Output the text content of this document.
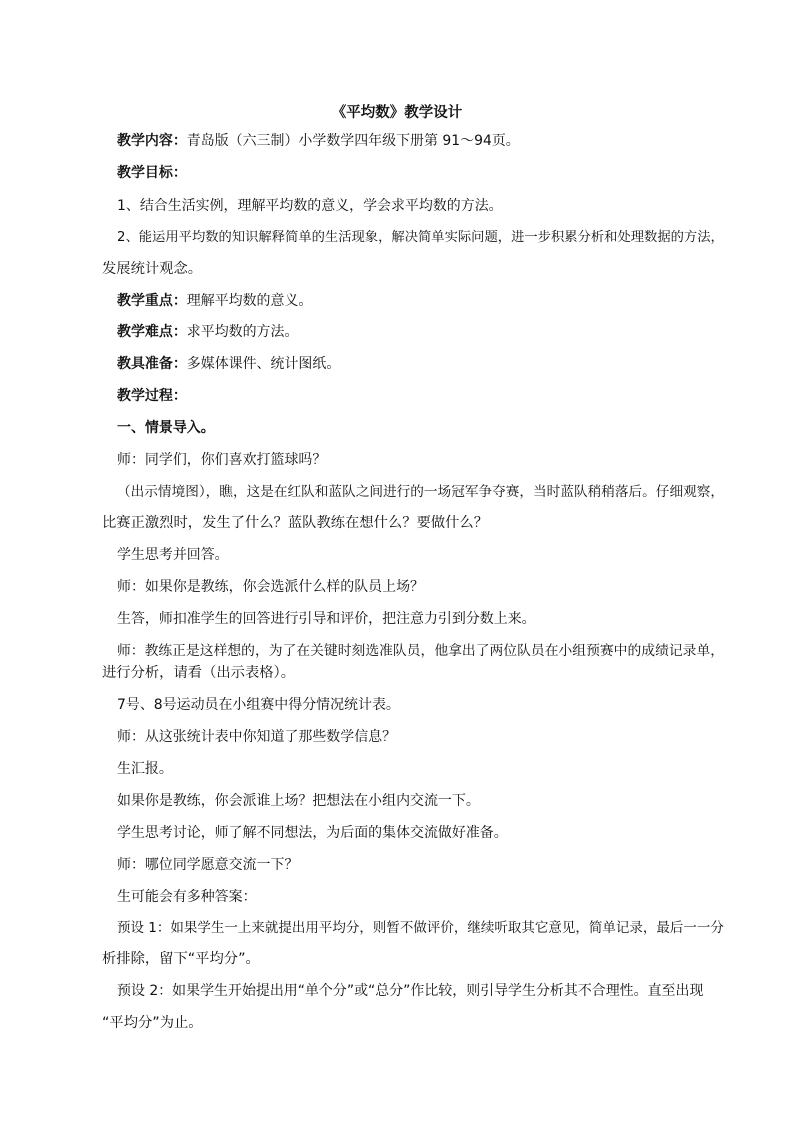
《平均数》教学设计
教学内容：青岛版（六三制）小学数学四年级下册第 91～94页。
教学目标：
1、结合生活实例，理解平均数的意义，学会求平均数的方法。
2、能运用平均数的知识解释简单的生活现象，解决简单实际问题，进一步积累分析和处理数据的方法，
发展统计观念。
教学重点：理解平均数的意义。
教学难点：求平均数的方法。
教具准备：多媒体课件、统计图纸。
教学过程：
一、情景导入。
师：同学们，你们喜欢打篮球吗？
（出示情境图），瞧，这是在红队和蓝队之间进行的一场冠军争夺赛，当时蓝队稍稍落后。仔细观察，
比赛正激烈时，发生了什么？蓝队教练在想什么？要做什么？
学生思考并回答。
师：如果你是教练，你会选派什么样的队员上场？
生答，师扣准学生的回答进行引导和评价，把注意力引到分数上来。
师：教练正是这样想的，为了在关键时刻选准队员，他拿出了两位队员在小组预赛中的成绩记录单，
进行分析，请看（出示表格）。
7号、8号运动员在小组赛中得分情况统计表。
师：从这张统计表中你知道了那些数学信息？
生汇报。
如果你是教练，你会派谁上场？把想法在小组内交流一下。
学生思考讨论，师了解不同想法，为后面的集体交流做好准备。
师：哪位同学愿意交流一下？
生可能会有多种答案：
预设 1：如果学生一上来就提出用平均分，则暂不做评价，继续听取其它意见，简单记录，最后一一分
析排除，留下“平均分”。
预设 2：如果学生开始提出用“单个分”或“总分”作比较，则引导学生分析其不合理性。直至出现
“平均分”为止。
